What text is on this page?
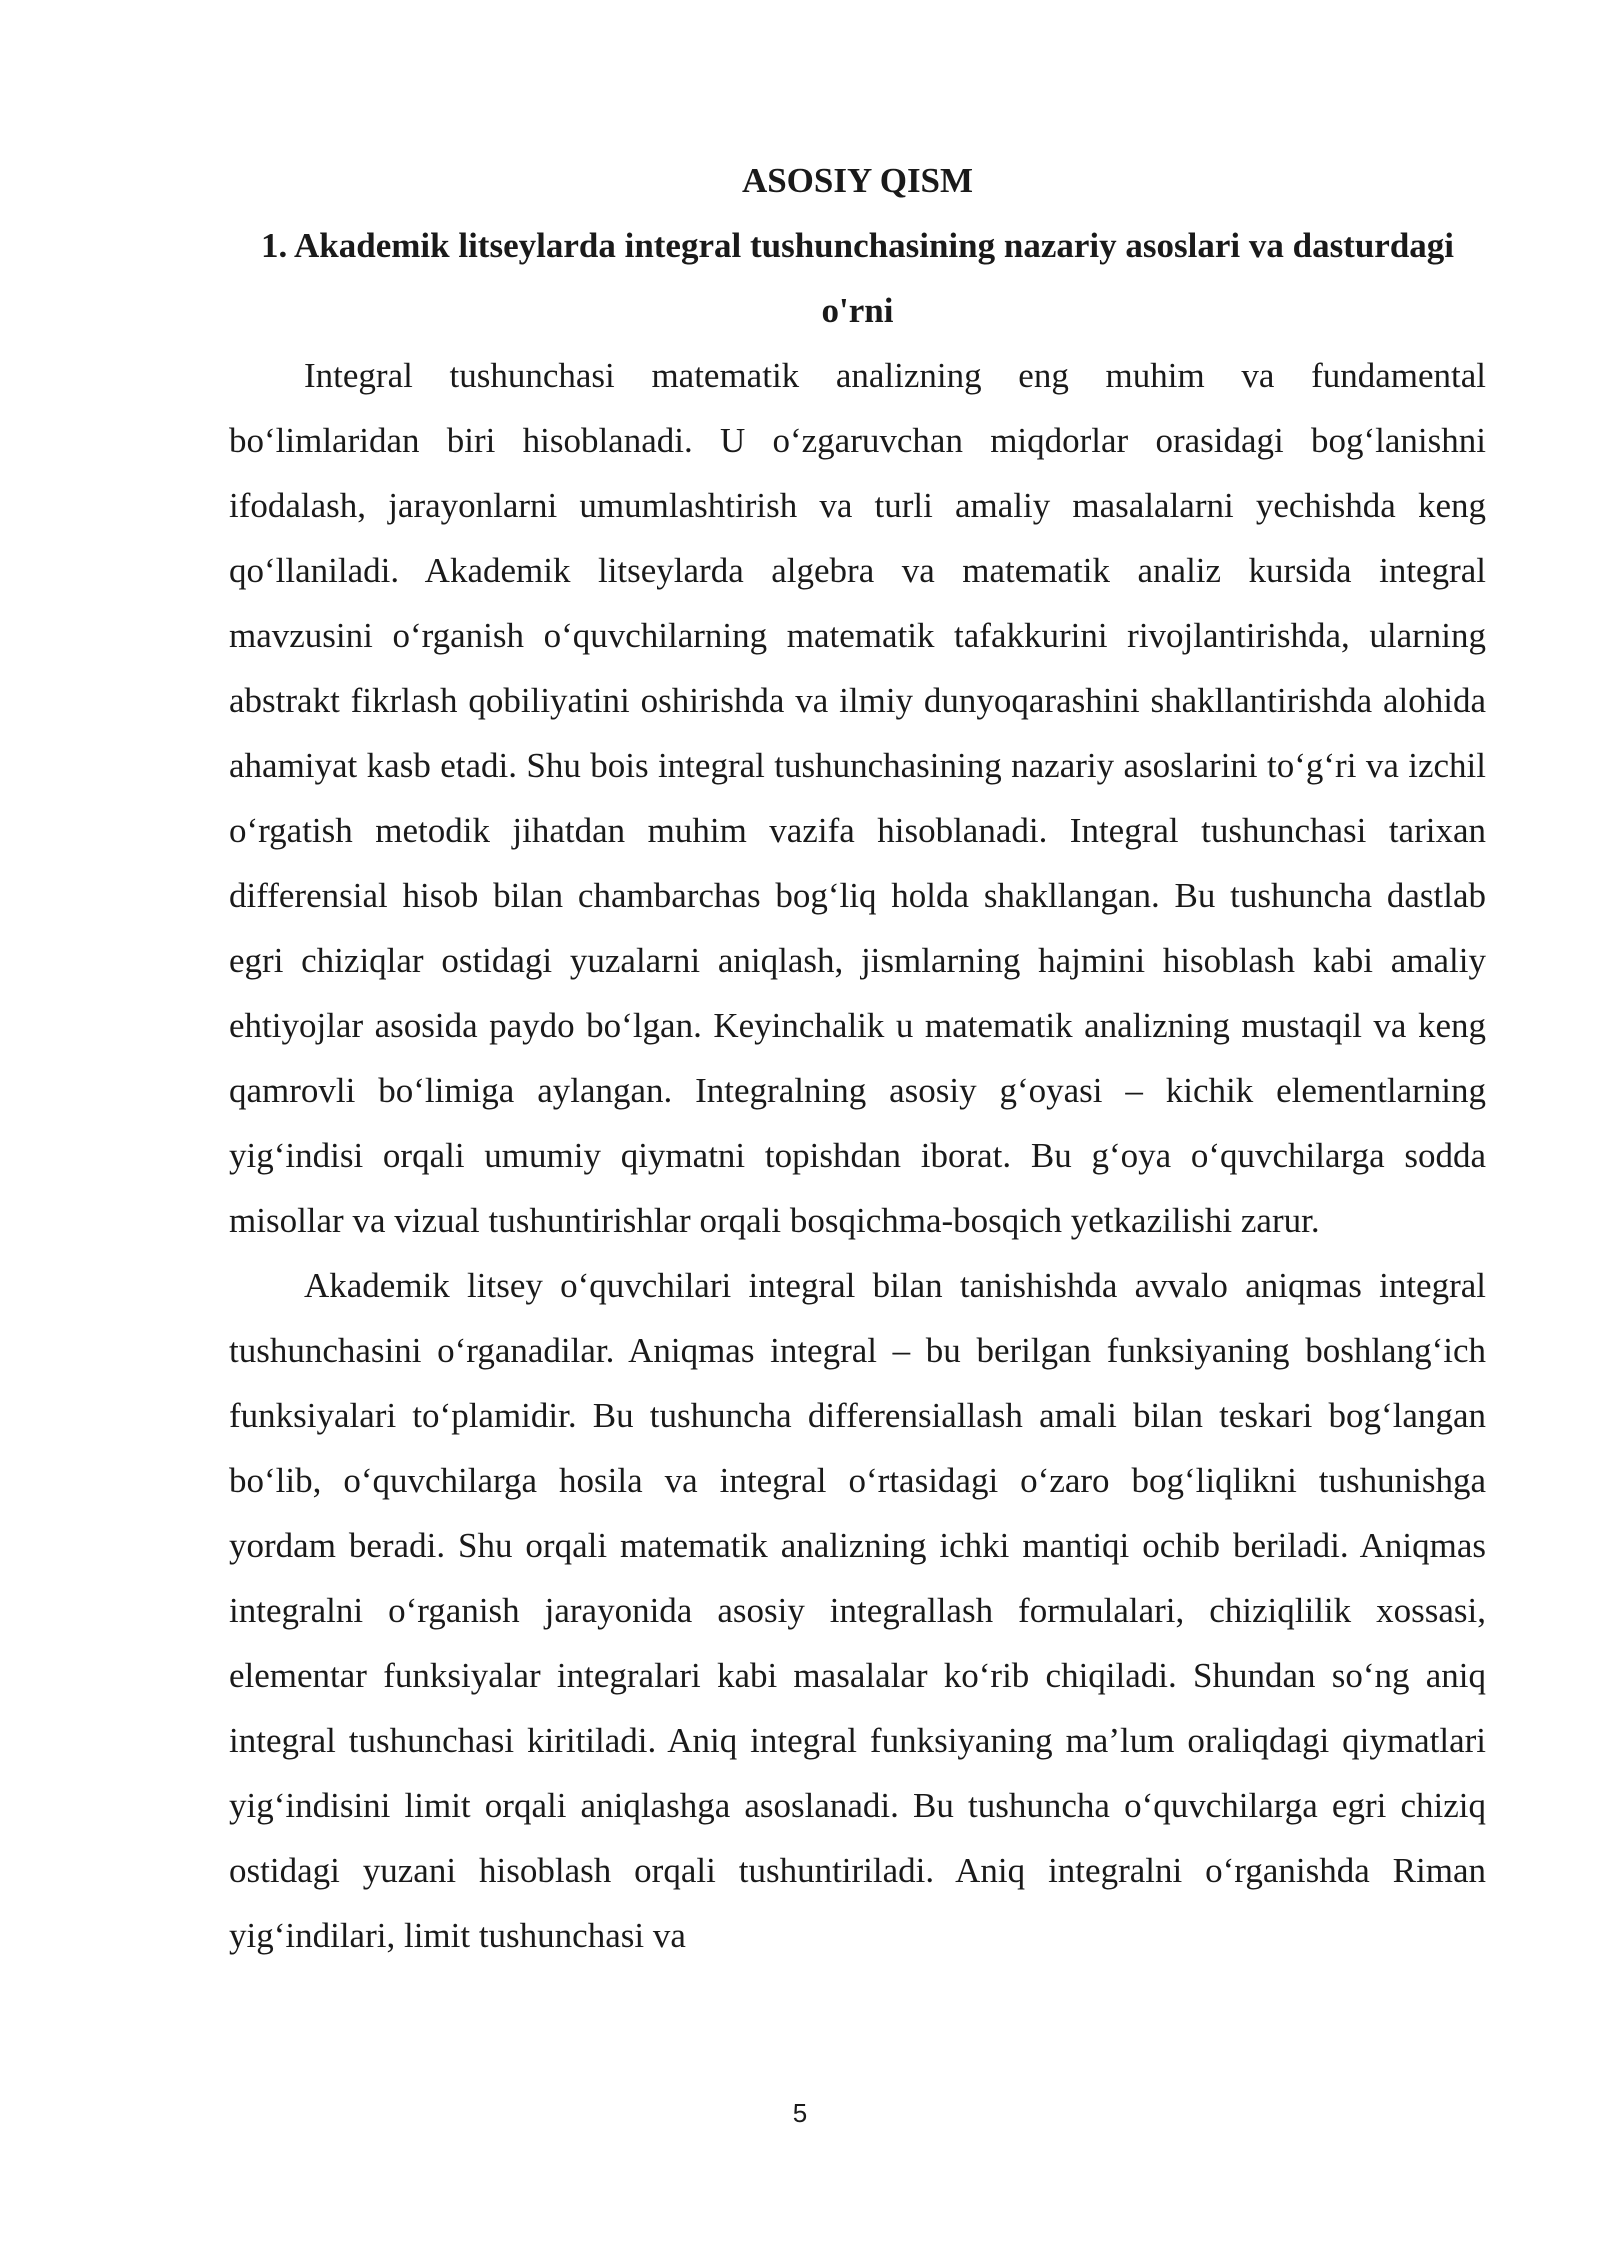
ASOSIY QISM
1. Akademik litseylarda integral tushunchasining nazariy asoslari va dasturdagi o'rni

Integral tushunchasi matematik analizning eng muhim va fundamental bo‘limlaridan biri hisoblanadi. U o‘zgaruvchan miqdorlar orasidagi bog‘lanishni ifodalash, jarayonlarni umumlashtirish va turli amaliy masalalarni yechishda keng qo‘llaniladi. Akademik litseylarda algebra va matematik analiz kursida integral mavzusini o‘rganish o‘quvchilarning matematik tafakkurini rivojlantirishda, ularning abstrakt fikrlash qobiliyatini oshirishda va ilmiy dunyoqarashini shakllantirishda alohida ahamiyat kasb etadi. Shu bois integral tushunchasining nazariy asoslarini to‘g‘ri va izchil o‘rgatish metodik jihatdan muhim vazifa hisoblanadi. Integral tushunchasi tarixan differensial hisob bilan chambarchas bog‘liq holda shakllangan. Bu tushuncha dastlab egri chiziqlar ostidagi yuzalarni aniqlash, jismlarning hajmini hisoblash kabi amaliy ehtiyojlar asosida paydo bo‘lgan. Keyinchalik u matematik analizning mustaqil va keng qamrovli bo‘limiga aylangan. Integralning asosiy g‘oyasi – kichik elementlarning yig‘indisi orqali umumiy qiymatni topishdan iborat. Bu g‘oya o‘quvchilarga sodda misollar va vizual tushuntirishlar orqali bosqichma-bosqich yetkazilishi zarur.

Akademik litsey o‘quvchilari integral bilan tanishishda avvalo aniqmas integral tushunchasini o‘rganadilar. Aniqmas integral – bu berilgan funksiyaning boshlang‘ich funksiyalari to‘plamidir. Bu tushuncha differensiallash amali bilan teskari bog‘langan bo‘lib, o‘quvchilarga hosila va integral o‘rtasidagi o‘zaro bog‘liqlikni tushunishga yordam beradi. Shu orqali matematik analizning ichki mantiqi ochib beriladi. Aniqmas integralni o‘rganish jarayonida asosiy integrallash formulalari, chiziqlilik xossasi, elementar funksiyalar integralari kabi masalalar ko‘rib chiqiladi. Shundan so‘ng aniq integral tushunchasi kiritiladi. Aniq integral funksiyaning ma’lum oraliqdagi qiymatlari yig‘indisini limit orqali aniqlashga asoslanadi. Bu tushuncha o‘quvchilarga egri chiziq ostidagi yuzani hisoblash orqali tushuntiriladi. Aniq integralni o‘rganishda Riman yig‘indilari, limit tushunchasi va

5
